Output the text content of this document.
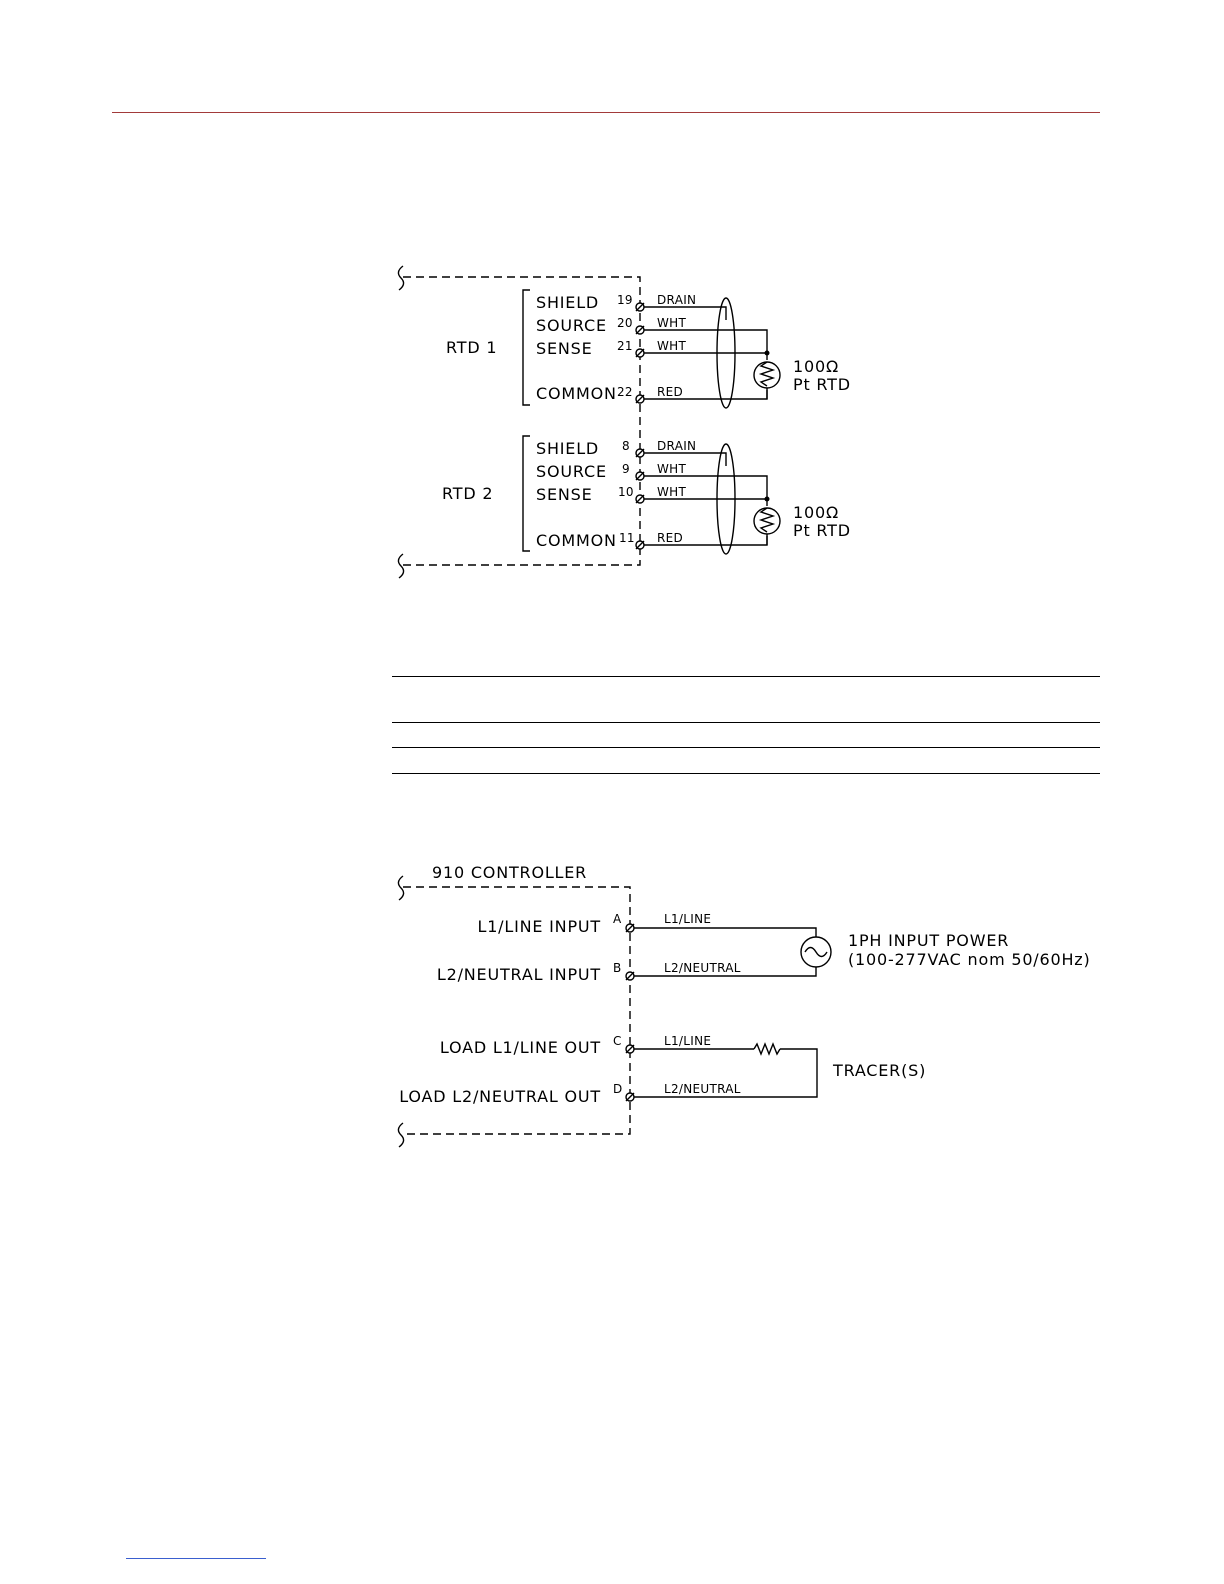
RTD 1
SHIELD
SOURCE
SENSE
COMMON
19
20
21
22
DRAIN
WHT
WHT
RED
100Ω
Pt RTD
RTD 2
SHIELD
SOURCE
SENSE
COMMON
8
9
10
11
DRAIN
WHT
WHT
RED
100Ω
Pt RTD
910 CONTROLLER
L1/LINE INPUT
L2/NEUTRAL INPUT
LOAD L1/LINE OUT
LOAD L2/NEUTRAL OUT
A
B
C
D
L1/LINE
L2/NEUTRAL
L1/LINE
L2/NEUTRAL
1PH INPUT POWER
(100-277VAC nom 50/60Hz)
TRACER(S)
